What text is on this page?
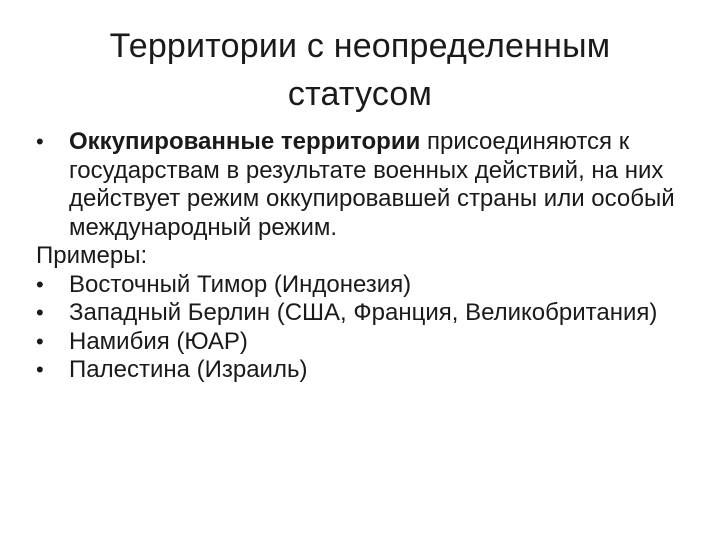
Территории с неопределенным
статусом
•	Оккупированные территории присоединяются к государствам в результате военных действий, на них действует режим оккупировавшей страны или особый международный режим.
Примеры:
•	Восточный Тимор (Индонезия)
•	Западный Берлин (США, Франция, Великобритания)
•	Намибия (ЮАР)
•	Палестина (Израиль)
